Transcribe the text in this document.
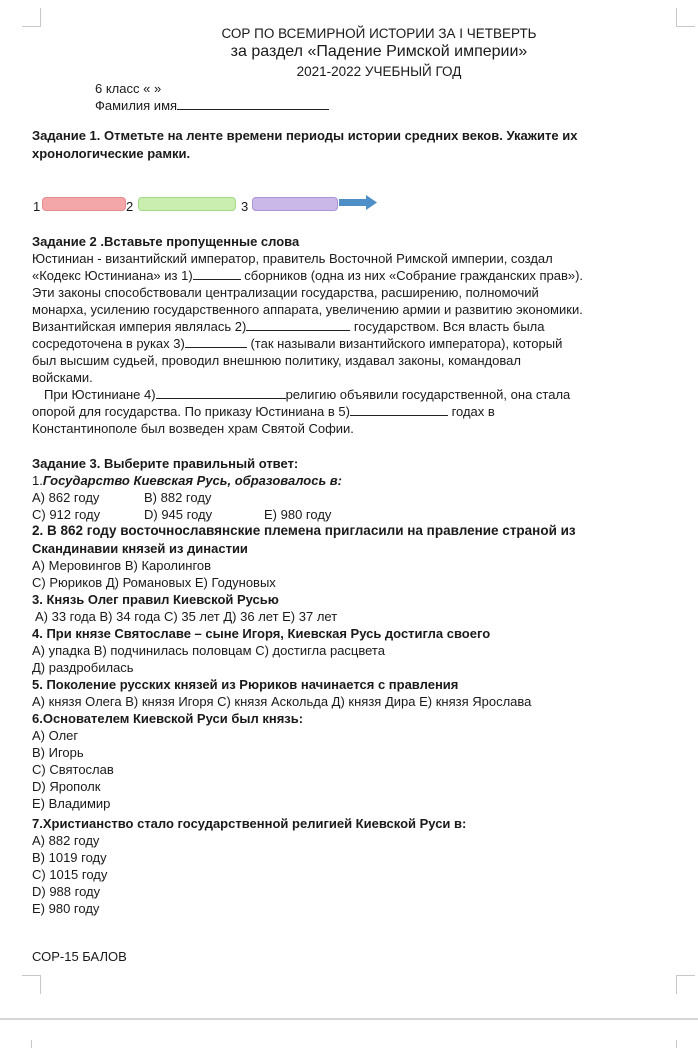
СОР ПО ВСЕМИРНОЙ ИСТОРИИ ЗА I ЧЕТВЕРТЬ
за раздел «Падение Римской империи»
2021-2022 УЧЕБНЫЙ ГОД
6 класс « »
Фамилия имя
Задание 1. Отметьте на ленте времени периоды истории средних веков. Укажите их
хронологические рамки.
1	2	3
Задание 2 .Вставьте пропущенные слова
Юстиниан - византийский император, правитель Восточной Римской империи, создал
«Кодекс Юстиниана» из 1)	сборников (одна из них «Собрание гражданских прав»).
Эти законы способствовали централизации государства, расширению, полномочий
монарха, усилению государственного аппарата, увеличению армии и развитию экономики.
Византийская империя являлась 2)	государством. Вся власть была
сосредоточена в руках 3)	(так называли византийского императора), который
был высшим судьей, проводил внешнюю политику, издавал законы, командовал
войсками.
При Юстиниане 4)	религию объявили государственной, она стала
опорой для государства. По приказу Юстиниана в 5)	годах в
Константинополе был возведен храм Святой Софии.
Задание 3. Выберите правильный ответ:
1.Государство Киевская Русь, образовалось в:
A) 862 году	B) 882 году
C) 912 году	D) 945 году	E) 980 году
2. В 862 году восточнославянские племена пригласили на правление страной из
Скандинавии князей из династии
A) Меровингов B) Каролингов
C) Рюриков Д) Романовых E) Годуновых
3. Князь Олег правил Киевской Русью
A) 33 года B) 34 года C) 35 лет Д) 36 лет E) 37 лет
4. При князе Святославе – сыне Игоря, Киевская Русь достигла своего
A) упадка B) подчинилась половцам C) достигла расцвета
Д) раздробилась
5. Поколение русских князей из Рюриков начинается с правления
A) князя Олега B) князя Игоря C) князя Аскольда Д) князя Дира E) князя Ярослава
6.Основателем Киевской Руси был князь:
A) Олег
B) Игорь
C) Святослав
D) Ярополк
E) Владимир
7.Христианство стало государственной религией Киевской Руси в:
A) 882 году
B) 1019 году
C) 1015 году
D) 988 году
E) 980 году
СОР-15 БАЛОВ
